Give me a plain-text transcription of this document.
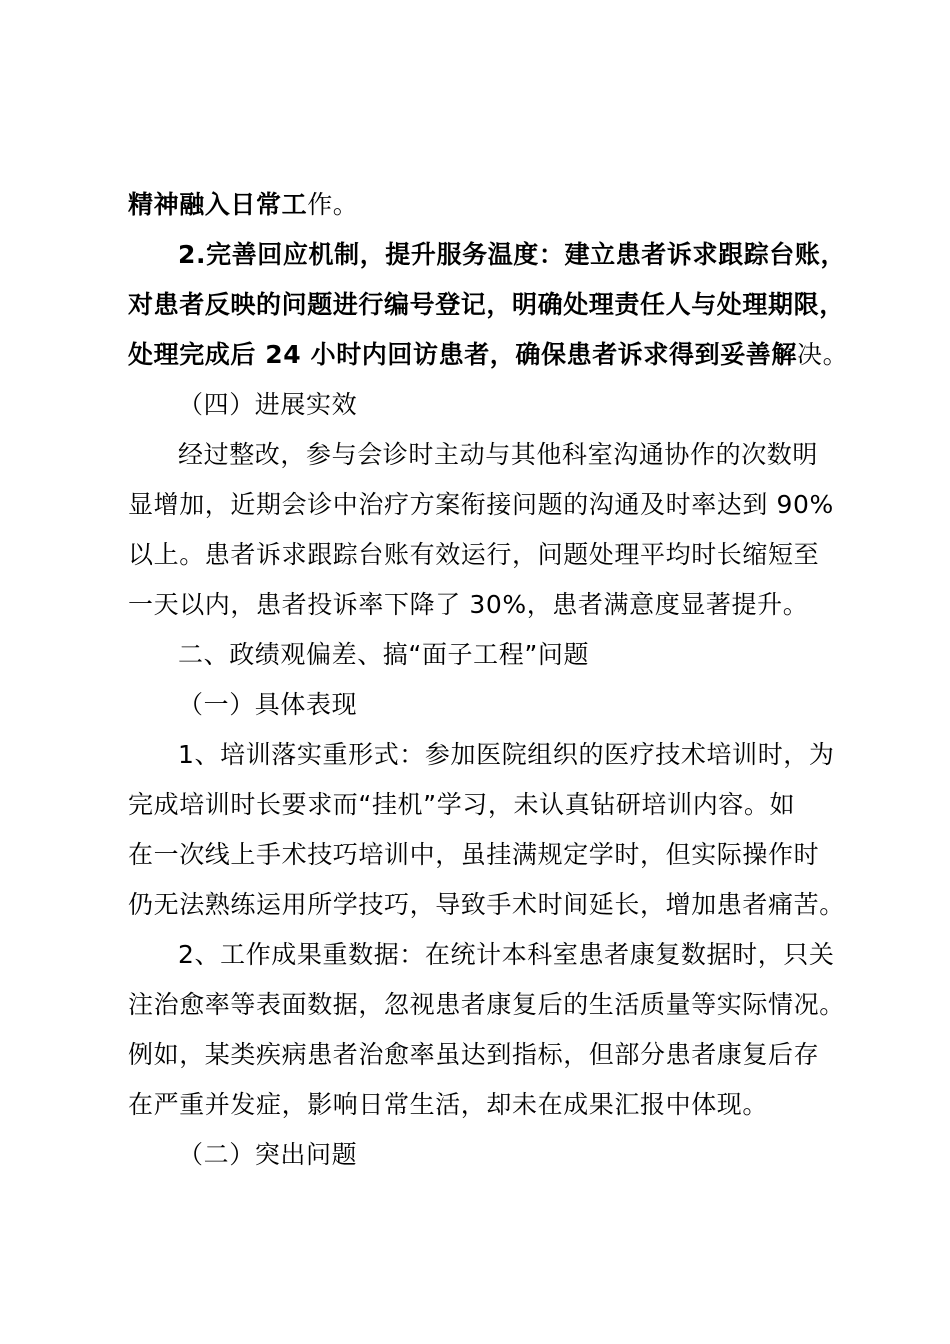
精神融入日常工作。
2.完善回应机制，提升服务温度：建立患者诉求跟踪台账，
对患者反映的问题进行编号登记，明确处理责任人与处理期限，
处理完成后 24 小时内回访患者，确保患者诉求得到妥善解决。
（四）进展实效
经过整改，参与会诊时主动与其他科室沟通协作的次数明
显增加，近期会诊中治疗方案衔接问题的沟通及时率达到 90%
以上。患者诉求跟踪台账有效运行，问题处理平均时长缩短至
一天以内，患者投诉率下降了 30%，患者满意度显著提升。
二、政绩观偏差、搞“面子工程”问题
（一）具体表现
1、培训落实重形式：参加医院组织的医疗技术培训时，为
完成培训时长要求而“挂机”学习，未认真钻研培训内容。如
在一次线上手术技巧培训中，虽挂满规定学时，但实际操作时
仍无法熟练运用所学技巧，导致手术时间延长，增加患者痛苦。
2、工作成果重数据：在统计本科室患者康复数据时，只关
注治愈率等表面数据，忽视患者康复后的生活质量等实际情况。
例如，某类疾病患者治愈率虽达到指标，但部分患者康复后存
在严重并发症，影响日常生活，却未在成果汇报中体现。
（二）突出问题
